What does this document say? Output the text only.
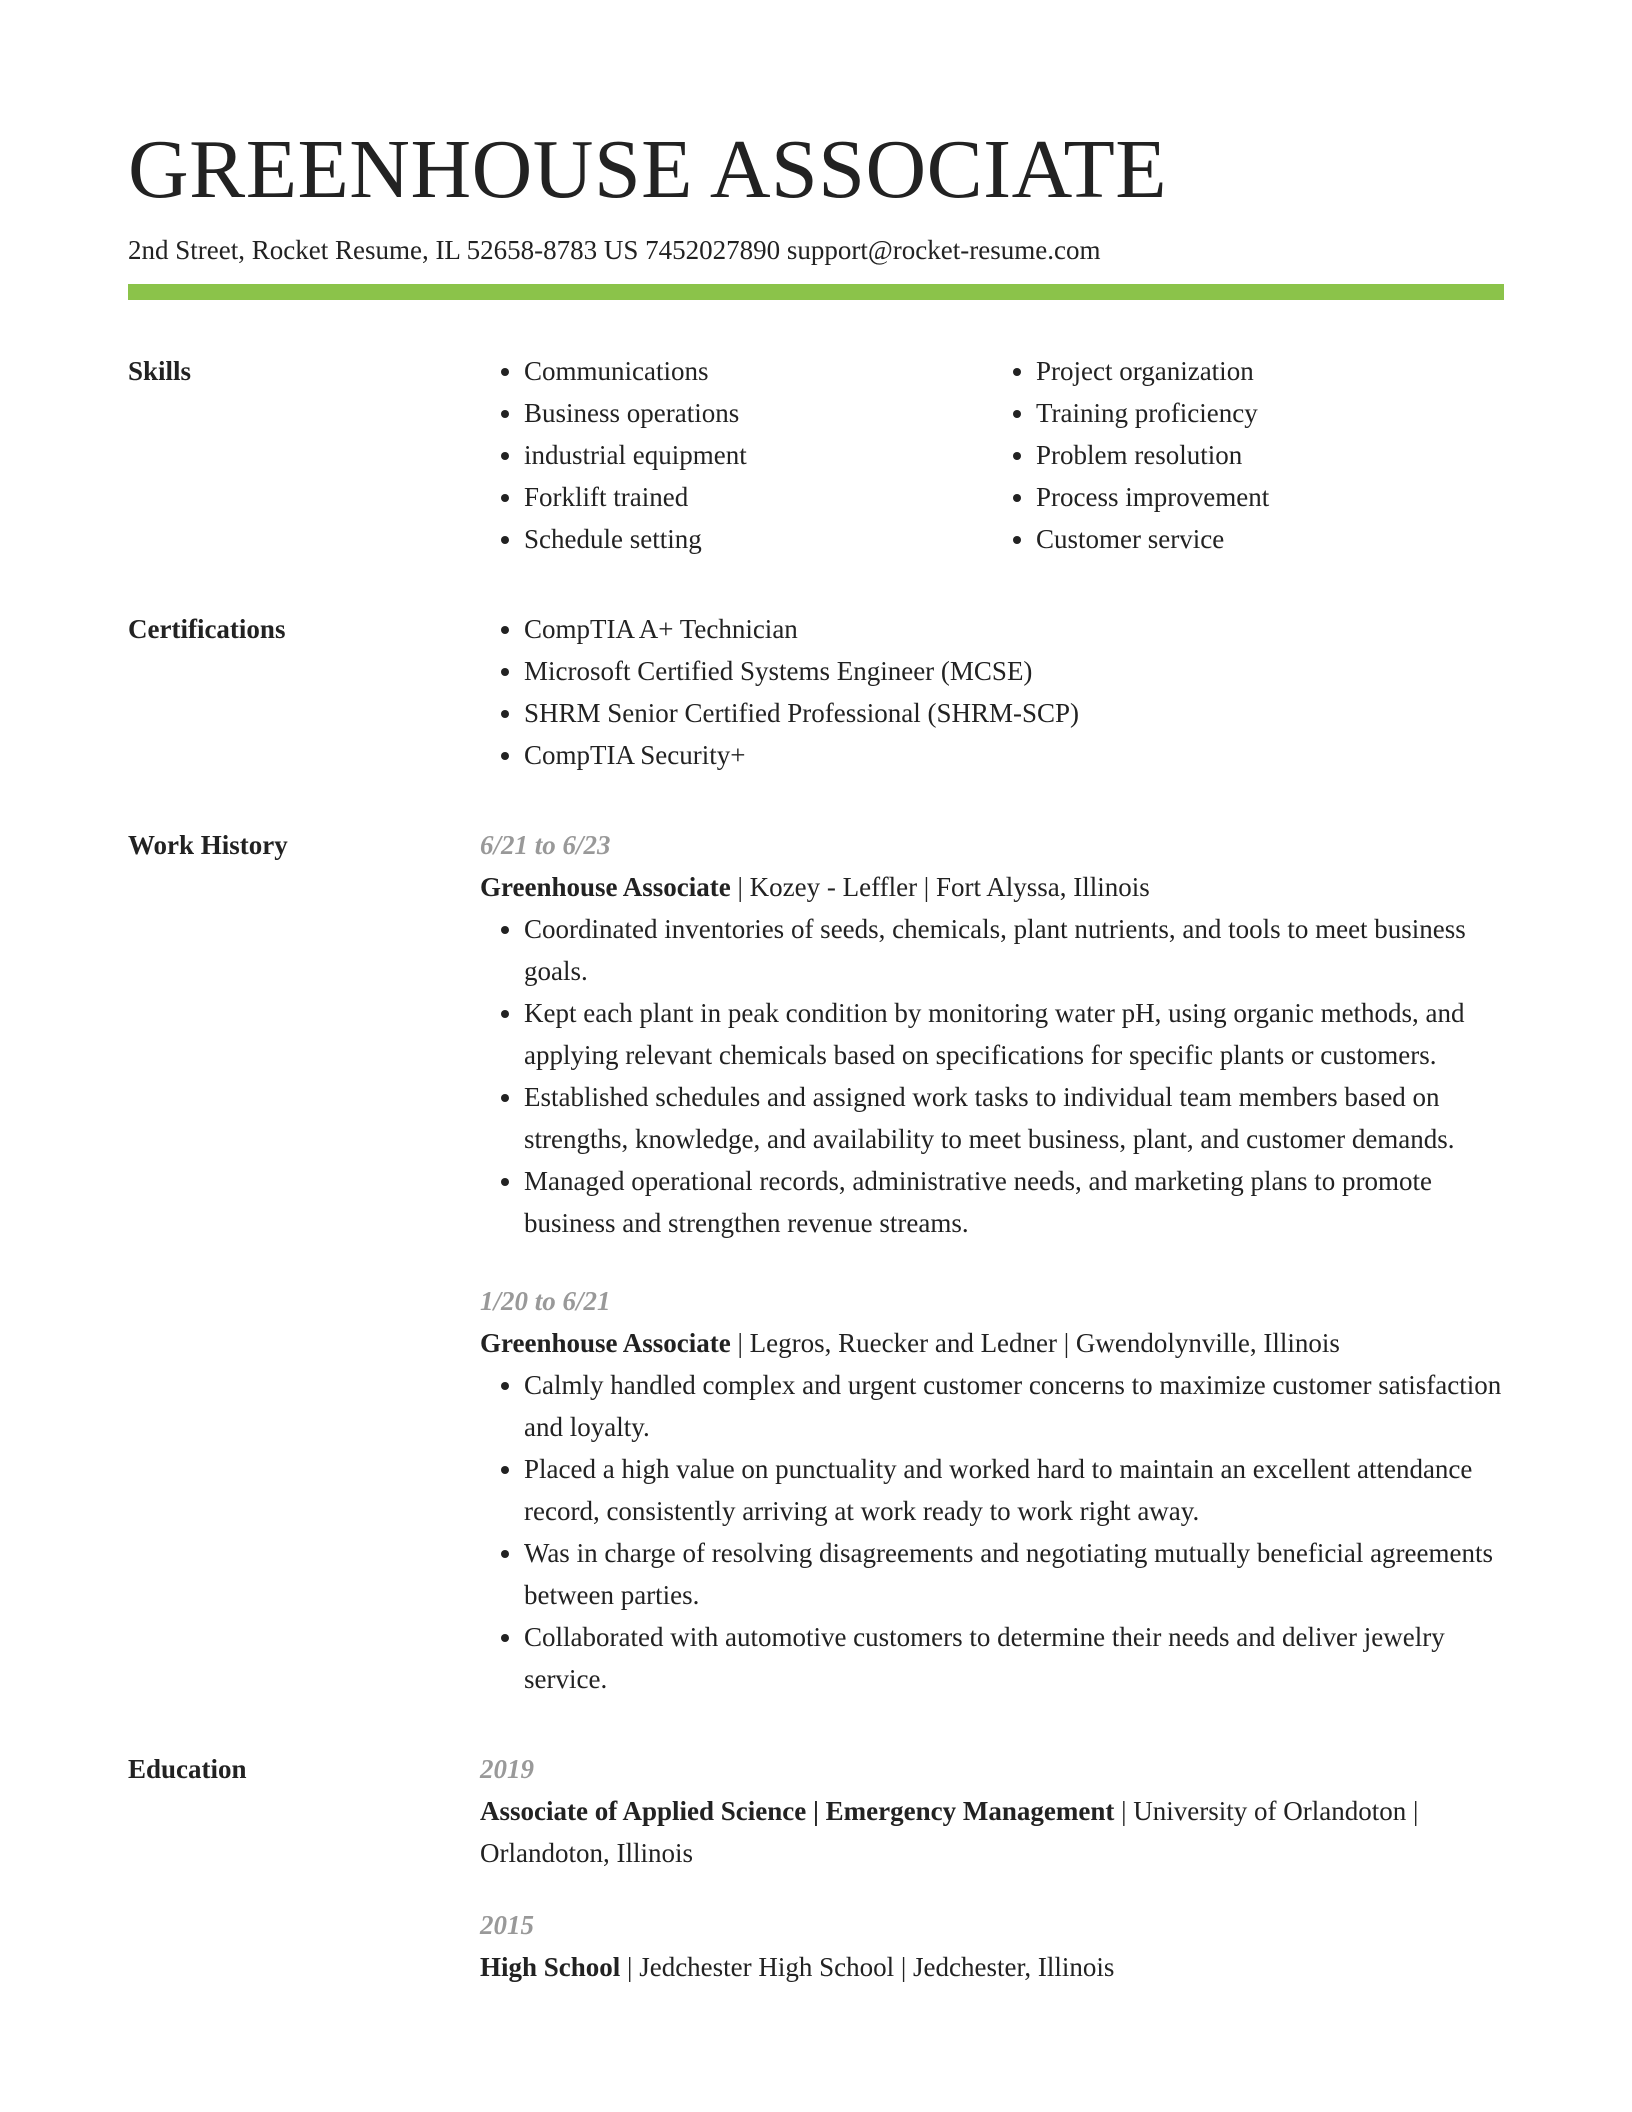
GREENHOUSE ASSOCIATE
2nd Street, Rocket Resume, IL 52658-8783 US 7452027890 support@rocket-resume.com
Skills	• Communications
• Business operations
• industrial equipment
• Forklift trained
• Schedule setting
• Project organization
• Training proficiency
• Problem resolution
• Process improvement
• Customer service
Certifications	• CompTIA A+ Technician
• Microsoft Certified Systems Engineer (MCSE)
• SHRM Senior Certified Professional (SHRM-SCP)
• CompTIA Security+
Work History	6/21 to 6/23
Greenhouse Associate | Kozey - Leffler | Fort Alyssa, Illinois
• Coordinated inventories of seeds, chemicals, plant nutrients, and tools to meet business goals.
• Kept each plant in peak condition by monitoring water pH, using organic methods, and applying relevant chemicals based on specifications for specific plants or customers.
• Established schedules and assigned work tasks to individual team members based on strengths, knowledge, and availability to meet business, plant, and customer demands.
• Managed operational records, administrative needs, and marketing plans to promote business and strengthen revenue streams.
1/20 to 6/21
Greenhouse Associate | Legros, Ruecker and Ledner | Gwendolynville, Illinois
• Calmly handled complex and urgent customer concerns to maximize customer satisfaction and loyalty.
• Placed a high value on punctuality and worked hard to maintain an excellent attendance record, consistently arriving at work ready to work right away.
• Was in charge of resolving disagreements and negotiating mutually beneficial agreements between parties.
• Collaborated with automotive customers to determine their needs and deliver jewelry service.
Education	2019
Associate of Applied Science | Emergency Management | University of Orlandoton | Orlandoton, Illinois
2015
High School | Jedchester High School | Jedchester, Illinois
